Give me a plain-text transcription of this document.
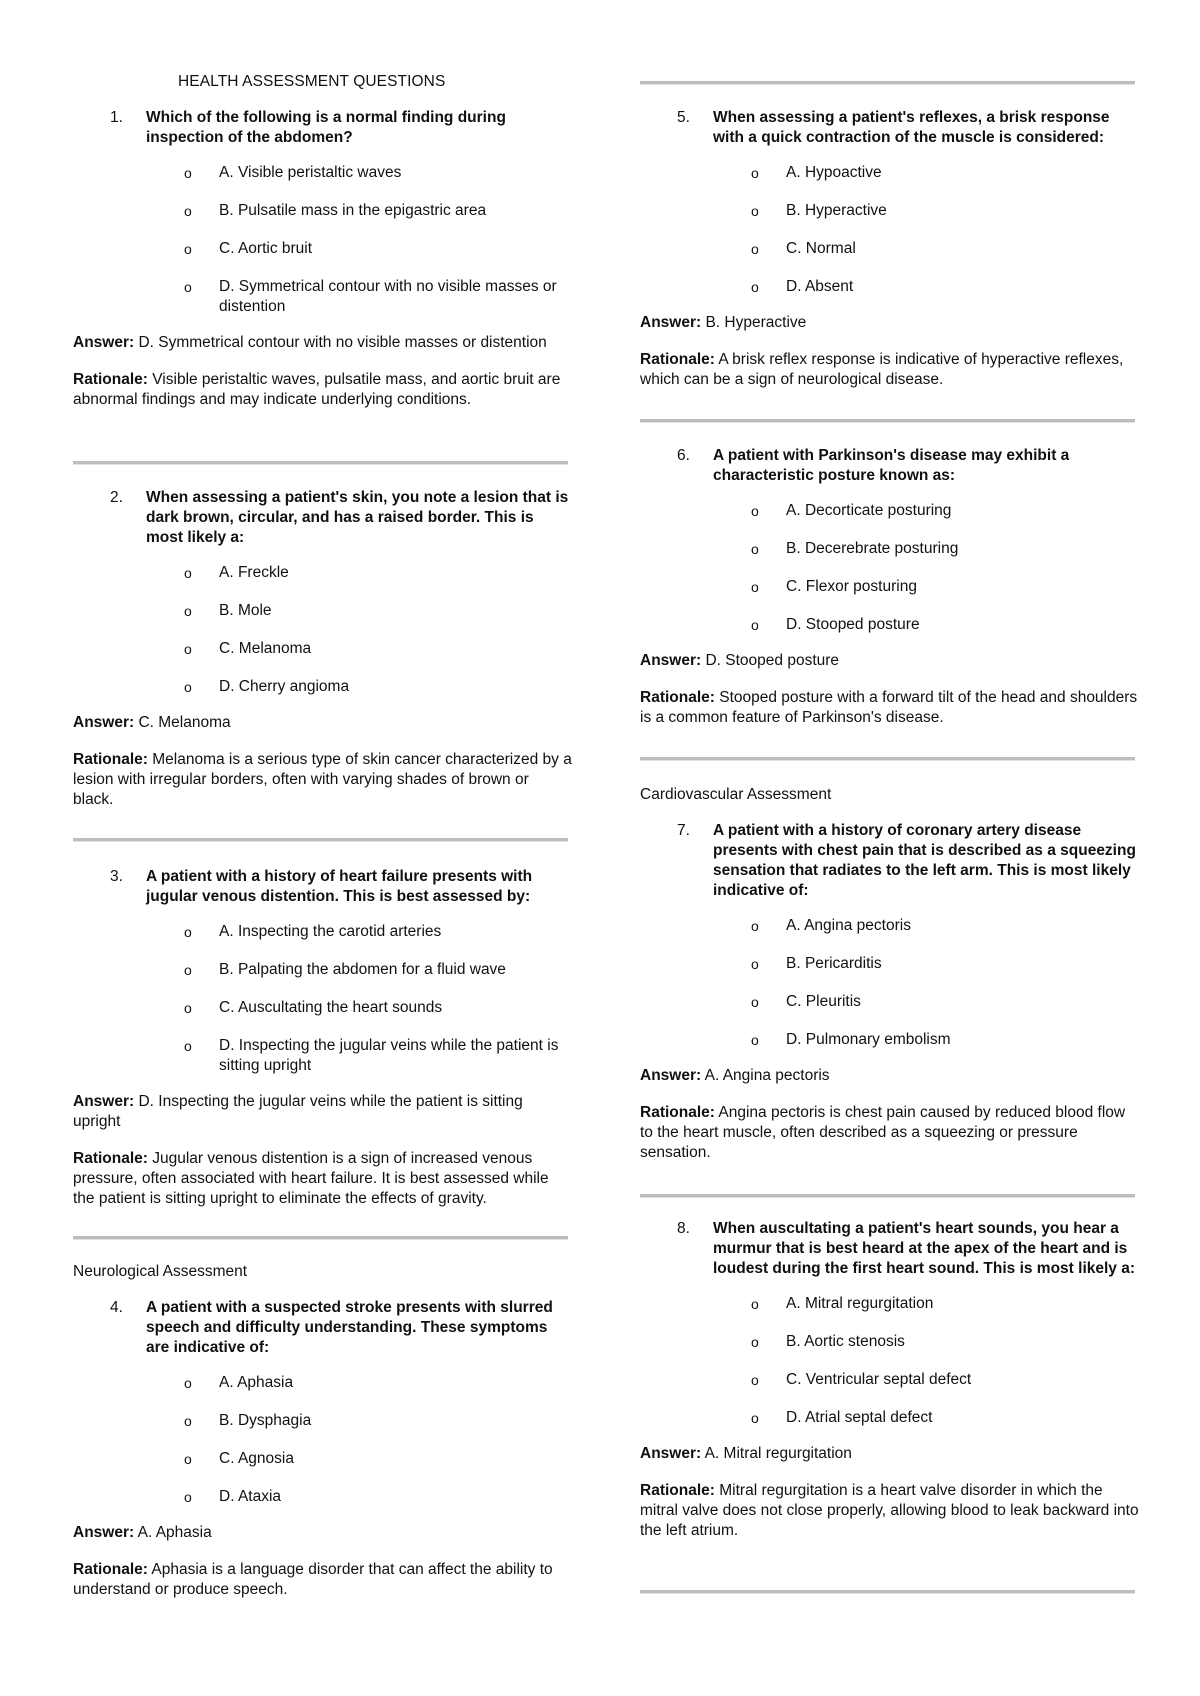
HEALTH ASSESSMENT QUESTIONS
1. Which of the following is a normal finding during inspection of the abdomen?
o A. Visible peristaltic waves
o B. Pulsatile mass in the epigastric area
o C. Aortic bruit
o D. Symmetrical contour with no visible masses or distention
Answer: D. Symmetrical contour with no visible masses or distention
Rationale: Visible peristaltic waves, pulsatile mass, and aortic bruit are abnormal findings and may indicate underlying conditions.
2. When assessing a patient's skin, you note a lesion that is dark brown, circular, and has a raised border. This is most likely a:
o A. Freckle
o B. Mole
o C. Melanoma
o D. Cherry angioma
Answer: C. Melanoma
Rationale: Melanoma is a serious type of skin cancer characterized by a lesion with irregular borders, often with varying shades of brown or black.
3. A patient with a history of heart failure presents with jugular venous distention. This is best assessed by:
o A. Inspecting the carotid arteries
o B. Palpating the abdomen for a fluid wave
o C. Auscultating the heart sounds
o D. Inspecting the jugular veins while the patient is sitting upright
Answer: D. Inspecting the jugular veins while the patient is sitting upright
Rationale: Jugular venous distention is a sign of increased venous pressure, often associated with heart failure. It is best assessed while the patient is sitting upright to eliminate the effects of gravity.
Neurological Assessment
4. A patient with a suspected stroke presents with slurred speech and difficulty understanding. These symptoms are indicative of:
o A. Aphasia
o B. Dysphagia
o C. Agnosia
o D. Ataxia
Answer: A. Aphasia
Rationale: Aphasia is a language disorder that can affect the ability to understand or produce speech.
5. When assessing a patient's reflexes, a brisk response with a quick contraction of the muscle is considered:
o A. Hypoactive
o B. Hyperactive
o C. Normal
o D. Absent
Answer: B. Hyperactive
Rationale: A brisk reflex response is indicative of hyperactive reflexes, which can be a sign of neurological disease.
6. A patient with Parkinson's disease may exhibit a characteristic posture known as:
o A. Decorticate posturing
o B. Decerebrate posturing
o C. Flexor posturing
o D. Stooped posture
Answer: D. Stooped posture
Rationale: Stooped posture with a forward tilt of the head and shoulders is a common feature of Parkinson's disease.
Cardiovascular Assessment
7. A patient with a history of coronary artery disease presents with chest pain that is described as a squeezing sensation that radiates to the left arm. This is most likely indicative of:
o A. Angina pectoris
o B. Pericarditis
o C. Pleuritis
o D. Pulmonary embolism
Answer: A. Angina pectoris
Rationale: Angina pectoris is chest pain caused by reduced blood flow to the heart muscle, often described as a squeezing or pressure sensation.
8. When auscultating a patient's heart sounds, you hear a murmur that is best heard at the apex of the heart and is loudest during the first heart sound. This is most likely a:
o A. Mitral regurgitation
o B. Aortic stenosis
o C. Ventricular septal defect
o D. Atrial septal defect
Answer: A. Mitral regurgitation
Rationale: Mitral regurgitation is a heart valve disorder in which the mitral valve does not close properly, allowing blood to leak backward into the left atrium.
